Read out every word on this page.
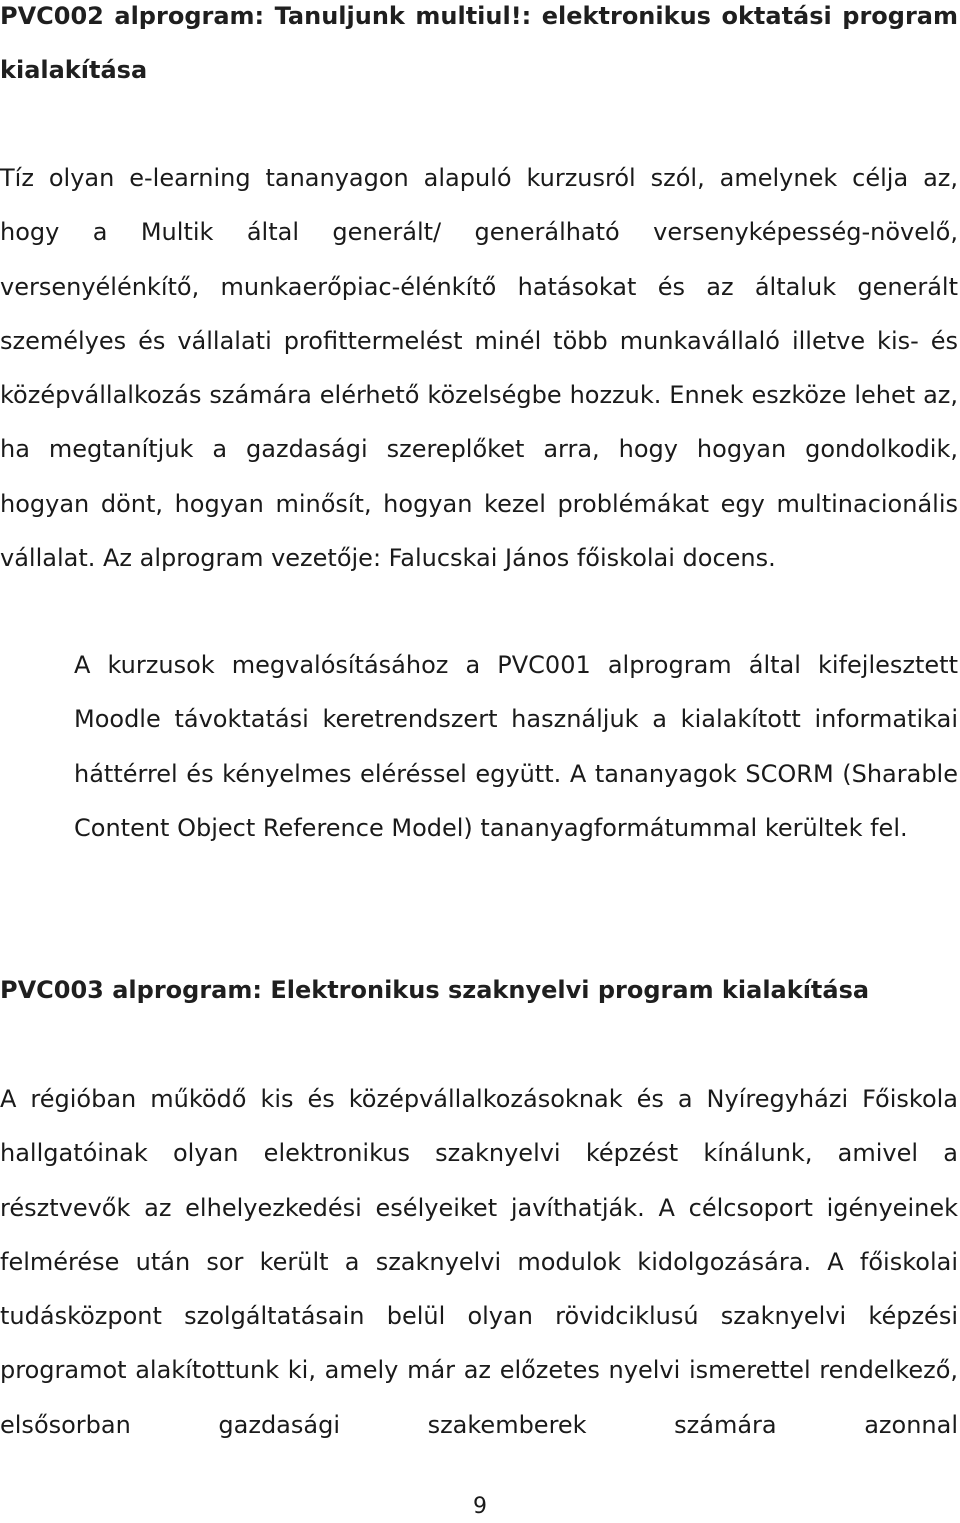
PVC002 alprogram: Tanuljunk multiul!: elektronikus oktatási program kialakítása

Tíz olyan e-learning tananyagon alapuló kurzusról szól, amelynek célja az, hogy a Multik által generált/ generálható versenyképesség-növelő, versenyélénkítő, munkaerőpiac-élénkítő hatásokat és az általuk generált személyes és vállalati profittermelést minél több munkavállaló illetve kis- és középvállalkozás számára elérhető közelségbe hozzuk. Ennek eszköze lehet az, ha megtanítjuk a gazdasági szereplőket arra, hogy hogyan gondolkodik, hogyan dönt, hogyan minősít, hogyan kezel problémákat egy multinacionális vállalat. Az alprogram vezetője: Falucskai János főiskolai docens.

A kurzusok megvalósításához a PVC001 alprogram által kifejlesztett Moodle távoktatási keretrendszert használjuk a kialakított informatikai háttérrel és kényelmes eléréssel együtt. A tananyagok SCORM (Sharable Content Object Reference Model) tananyagformátummal kerültek fel.

PVC003 alprogram: Elektronikus szaknyelvi program kialakítása

A régióban működő kis és középvállalkozásoknak és a Nyíregyházi Főiskola hallgatóinak olyan elektronikus szaknyelvi képzést kínálunk, amivel a résztvevők az elhelyezkedési esélyeiket javíthatják. A célcsoport igényeinek felmérése után sor került a szaknyelvi modulok kidolgozására. A főiskolai tudásközpont szolgáltatásain belül olyan rövidciklusú szaknyelvi képzési programot alakítottunk ki, amely már az előzetes nyelvi ismerettel rendelkező, elsősorban gazdasági szakemberek számára azonnal

9
